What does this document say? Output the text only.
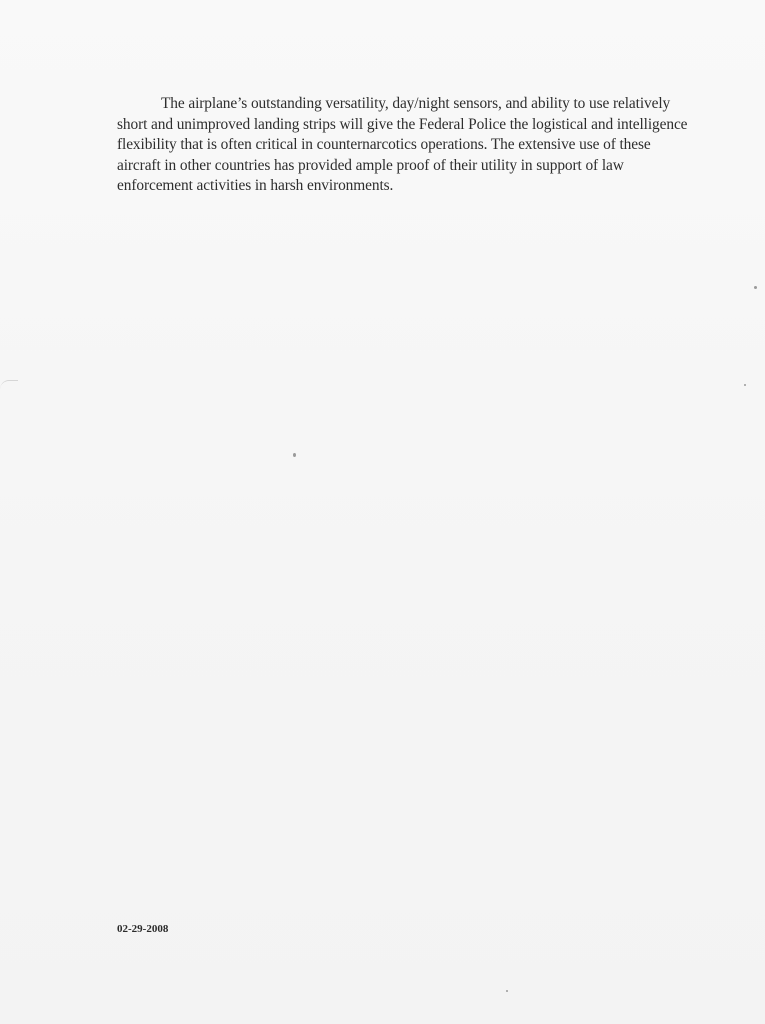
The airplane’s outstanding versatility, day/night sensors, and ability to use relatively short and unimproved landing strips will give the Federal Police the logistical and intelligence flexibility that is often critical in counternarcotics operations. The extensive use of these aircraft in other countries has provided ample proof of their utility in support of law enforcement activities in harsh environments.

02-29-2008
